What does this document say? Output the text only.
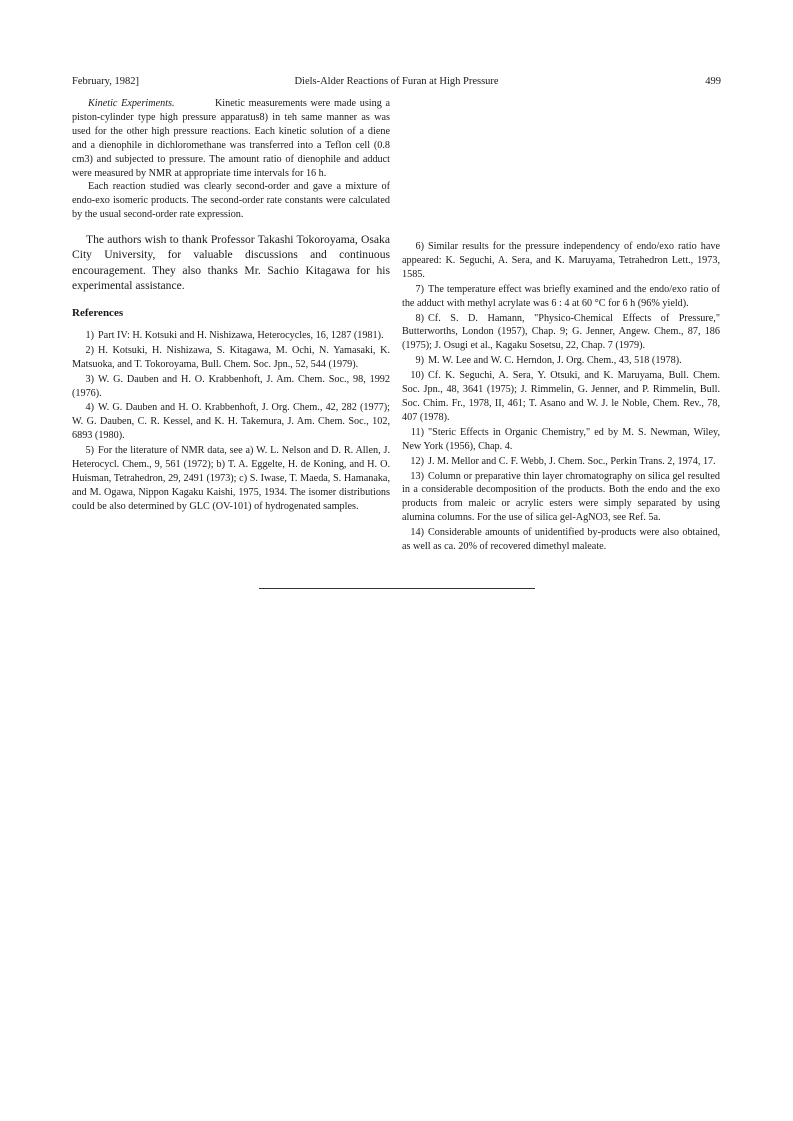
February, 1982]	Diels-Alder Reactions of Furan at High Pressure	499

Kinetic Experiments.	Kinetic measurements were made using a piston-cylinder type high pressure apparatus8) in teh same manner as was used for the other high pressure reactions. Each kinetic solution of a diene and a dienophile in dichloromethane was transferred into a Teflon cell (0.8 cm3) and subjected to pressure. The amount ratio of dienophile and adduct were measured by NMR at appropriate time intervals for 16 h.

Each reaction studied was clearly second-order and gave a mixture of endo-exo isomeric products. The second-order rate constants were calculated by the usual second-order rate expression.

The authors wish to thank Professor Takashi Tokoroyama, Osaka City University, for valuable discussions and continuous encouragement. They also thanks Mr. Sachio Kitagawa for his experimental assistance.

References

1) Part IV: H. Kotsuki and H. Nishizawa, Heterocycles, 16, 1287 (1981).

2) H. Kotsuki, H. Nishizawa, S. Kitagawa, M. Ochi, N. Yamasaki, K. Matsuoka, and T. Tokoroyama, Bull. Chem. Soc. Jpn., 52, 544 (1979).

3) W. G. Dauben and H. O. Krabbenhoft, J. Am. Chem. Soc., 98, 1992 (1976).

4) W. G. Dauben and H. O. Krabbenhoft, J. Org. Chem., 42, 282 (1977); W. G. Dauben, C. R. Kessel, and K. H. Takemura, J. Am. Chem. Soc., 102, 6893 (1980).

5) For the literature of NMR data, see a) W. L. Nelson and D. R. Allen, J. Heterocycl. Chem., 9, 561 (1972); b) T. A. Eggelte, H. de Koning, and H. O. Huisman, Tetrahedron, 29, 2491 (1973); c) S. Iwase, T. Maeda, S. Hamanaka, and M. Ogawa, Nippon Kagaku Kaishi, 1975, 1934. The isomer distributions could be also determined by GLC (OV-101) of hydrogenated samples.

6) Similar results for the pressure independency of endo/exo ratio have appeared: K. Seguchi, A. Sera, and K. Maruyama, Tetrahedron Lett., 1973, 1585.

7) The temperature effect was briefly examined and the endo/exo ratio of the adduct with methyl acrylate was 6 : 4 at 60 °C for 6 h (96% yield).

8) Cf. S. D. Hamann, "Physico-Chemical Effects of Pressure," Butterworths, London (1957), Chap. 9; G. Jenner, Angew. Chem., 87, 186 (1975); J. Osugi et al., Kagaku Sosetsu, 22, Chap. 7 (1979).

9) M. W. Lee and W. C. Herndon, J. Org. Chem., 43, 518 (1978).

10) Cf. K. Seguchi, A. Sera, Y. Otsuki, and K. Maruyama, Bull. Chem. Soc. Jpn., 48, 3641 (1975); J. Rimmelin, G. Jenner, and P. Rimmelin, Bull. Soc. Chim. Fr., 1978, II, 461; T. Asano and W. J. le Noble, Chem. Rev., 78, 407 (1978).

11) "Steric Effects in Organic Chemistry," ed by M. S. Newman, Wiley, New York (1956), Chap. 4.

12) J. M. Mellor and C. F. Webb, J. Chem. Soc., Perkin Trans. 2, 1974, 17.

13) Column or preparative thin layer chromatography on silica gel resulted in a considerable decomposition of the products. Both the endo and the exo products from maleic or acrylic esters were simply separated by using alumina columns. For the use of silica gel-AgNO3, see Ref. 5a.

14) Considerable amounts of unidentified by-products were also obtained, as well as ca. 20% of recovered dimethyl maleate.
